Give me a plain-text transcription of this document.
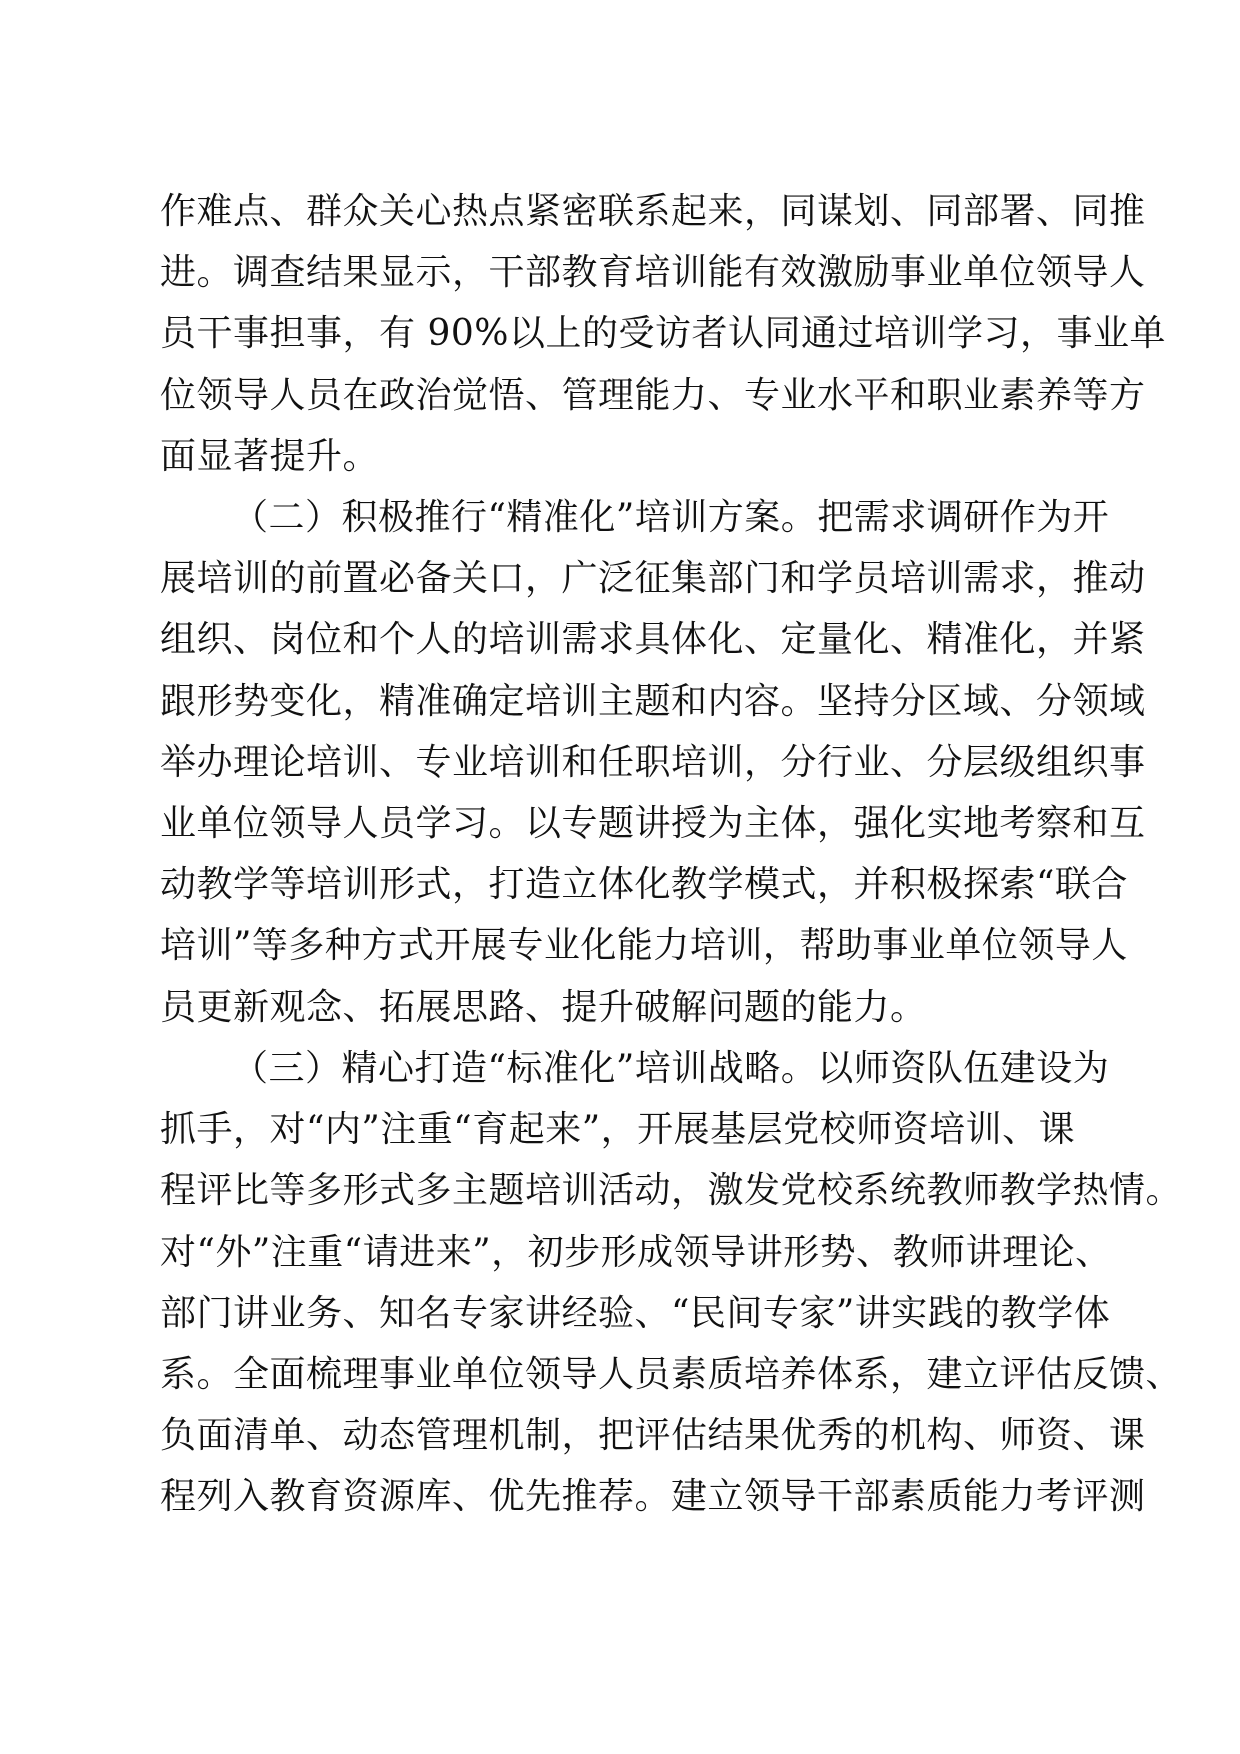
作难点、群众关心热点紧密联系起来，同谋划、同部署、同推
进。调查结果显示，干部教育培训能有效激励事业单位领导人
员干事担事，有 90%以上的受访者认同通过培训学习，事业单
位领导人员在政治觉悟、管理能力、专业水平和职业素养等方
面显著提升。
（二）积极推行“精准化”培训方案。把需求调研作为开
展培训的前置必备关口，广泛征集部门和学员培训需求，推动
组织、岗位和个人的培训需求具体化、定量化、精准化，并紧
跟形势变化，精准确定培训主题和内容。坚持分区域、分领域
举办理论培训、专业培训和任职培训，分行业、分层级组织事
业单位领导人员学习。以专题讲授为主体，强化实地考察和互
动教学等培训形式，打造立体化教学模式，并积极探索“联合
培训”等多种方式开展专业化能力培训，帮助事业单位领导人
员更新观念、拓展思路、提升破解问题的能力。
（三）精心打造“标准化”培训战略。以师资队伍建设为
抓手，对“内”注重“育起来”，开展基层党校师资培训、课
程评比等多形式多主题培训活动，激发党校系统教师教学热情。
对“外”注重“请进来”，初步形成领导讲形势、教师讲理论、
部门讲业务、知名专家讲经验、“民间专家”讲实践的教学体
系。全面梳理事业单位领导人员素质培养体系，建立评估反馈、
负面清单、动态管理机制，把评估结果优秀的机构、师资、课
程列入教育资源库、优先推荐。建立领导干部素质能力考评测
